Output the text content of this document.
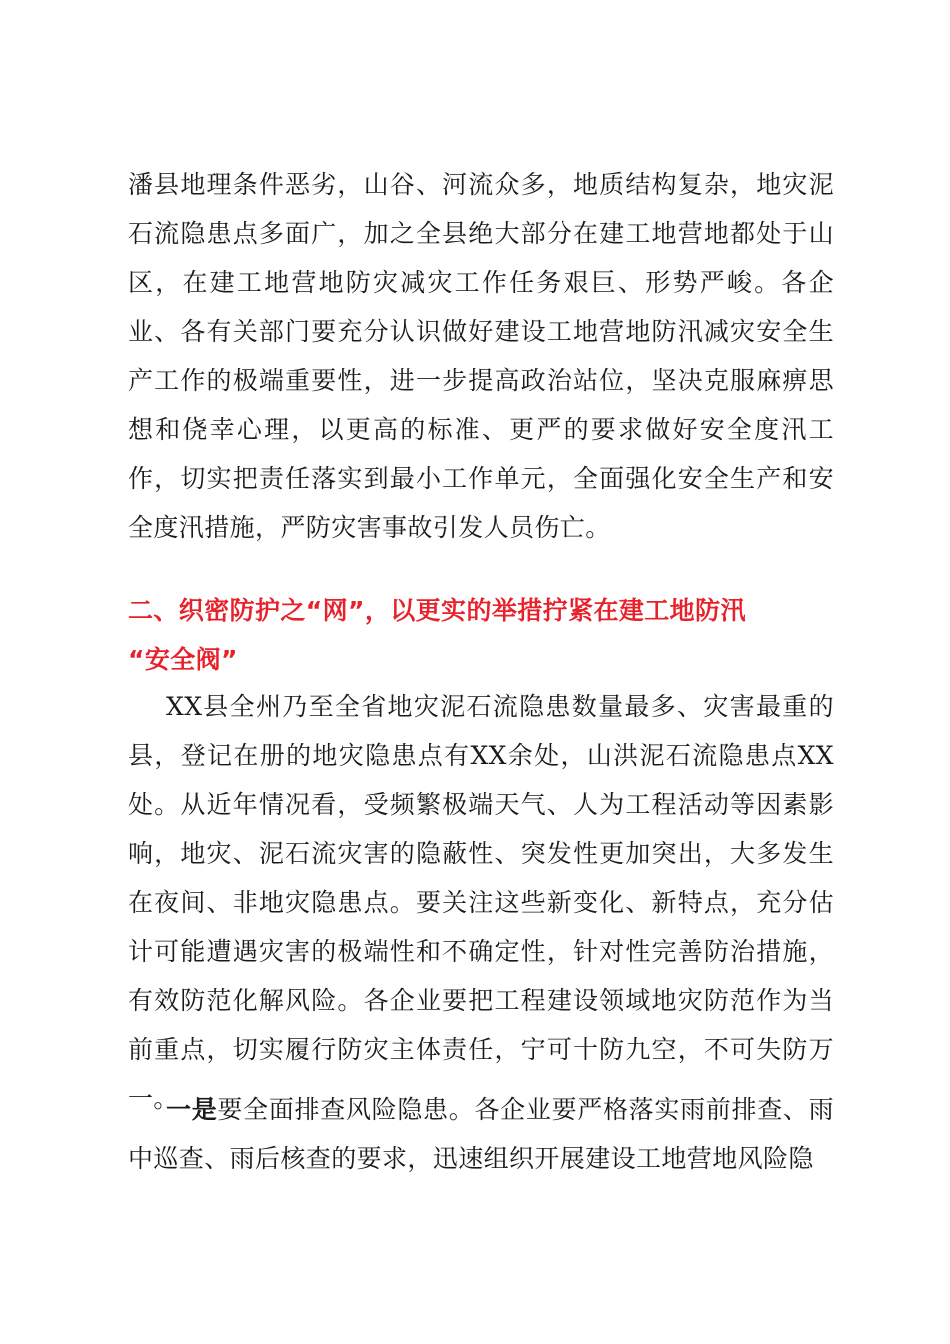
潘县地理条件恶劣，山谷、河流众多，地质结构复杂，地灾泥石流隐患点多面广，加之全县绝大部分在建工地营地都处于山区，在建工地营地防灾减灾工作任务艰巨、形势严峻。各企业、各有关部门要充分认识做好建设工地营地防汛减灾安全生产工作的极端重要性，进一步提高政治站位，坚决克服麻痹思想和侥幸心理，以更高的标准、更严的要求做好安全度汛工作，切实把责任落实到最小工作单元，全面强化安全生产和安全度汛措施，严防灾害事故引发人员伤亡。

二、织密防护之“网”，以更实的举措拧紧在建工地防汛
“安全阀”

XX县全州乃至全省地灾泥石流隐患数量最多、灾害最重的县，登记在册的地灾隐患点有XX余处，山洪泥石流隐患点XX处。从近年情况看，受频繁极端天气、人为工程活动等因素影响，地灾、泥石流灾害的隐蔽性、突发性更加突出，大多发生在夜间、非地灾隐患点。要关注这些新变化、新特点，充分估计可能遭遇灾害的极端性和不确定性，针对性完善防治措施，有效防范化解风险。各企业要把工程建设领域地灾防范作为当前重点，切实履行防灾主体责任，宁可十防九空，不可失防万一。

一是要全面排查风险隐患。各企业要严格落实雨前排查、雨中巡查、雨后核查的要求，迅速组织开展建设工地营地风险隐
